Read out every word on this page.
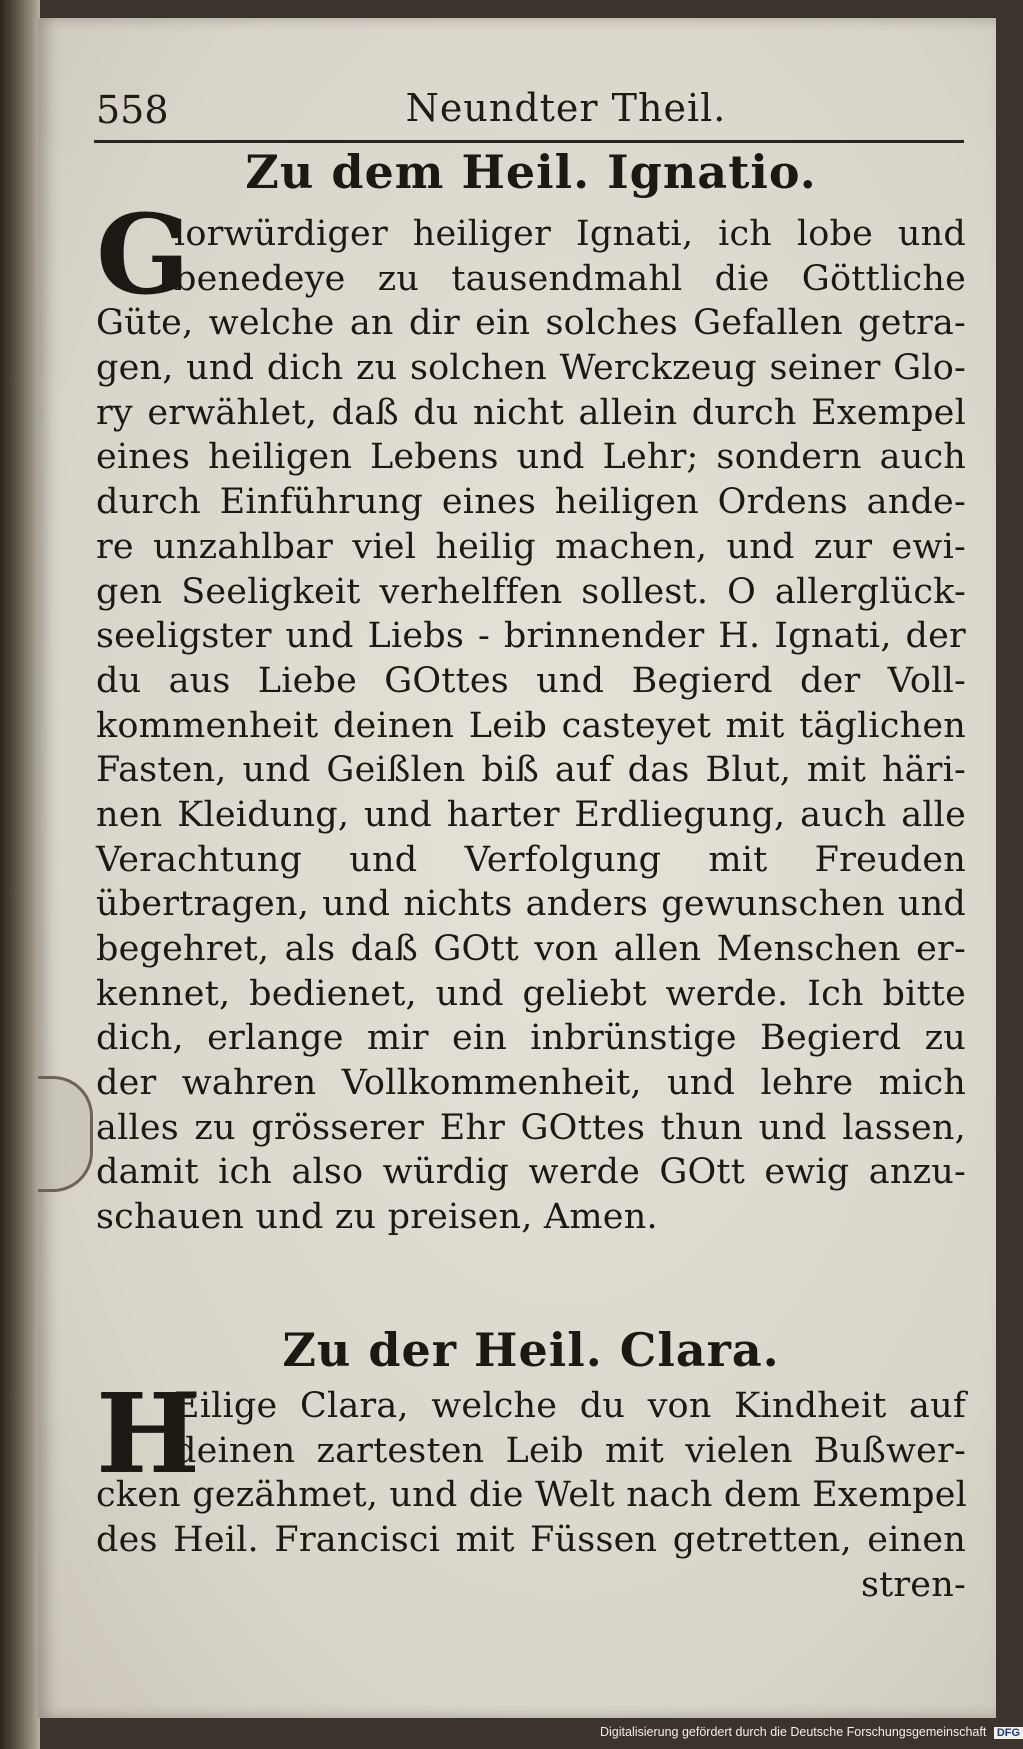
558	Neundter Theil.
Zu dem Heil. Ignatio.
G
lorwürdiger heiliger Ignati, ich lobe und
benedeye zu tausendmahl die Göttliche
Güte, welche an dir ein solches Gefallen getra-
gen, und dich zu solchen Werckzeug seiner Glo-
ry erwählet, daß du nicht allein durch Exempel
eines heiligen Lebens und Lehr; sondern auch
durch Einführung eines heiligen Ordens ande-
re unzahlbar viel heilig machen, und zur ewi-
gen Seeligkeit verhelffen sollest. O allerglück-
seeligster und Liebs - brinnender H. Ignati, der
du aus Liebe GOttes und Begierd der Voll-
kommenheit deinen Leib casteyet mit täglichen
Fasten, und Geißlen biß auf das Blut, mit häri-
nen Kleidung, und harter Erdliegung, auch alle
Verachtung und Verfolgung mit Freuden
übertragen, und nichts anders gewunschen und
begehret, als daß GOtt von allen Menschen er-
kennet, bedienet, und geliebt werde. Ich bitte
dich, erlange mir ein inbrünstige Begierd zu
der wahren Vollkommenheit, und lehre mich
alles zu grösserer Ehr GOttes thun und lassen,
damit ich also würdig werde GOtt ewig anzu-
schauen und zu preisen, Amen.
Zu der Heil. Clara.
H
Eilige Clara, welche du von Kindheit auf
deinen zartesten Leib mit vielen Bußwer-
cken gezähmet, und die Welt nach dem Exempel
des Heil. Francisci mit Füssen getretten, einen
stren-
Digitalisierung gefördert durch die Deutsche Forschungsgemeinschaft DFG
